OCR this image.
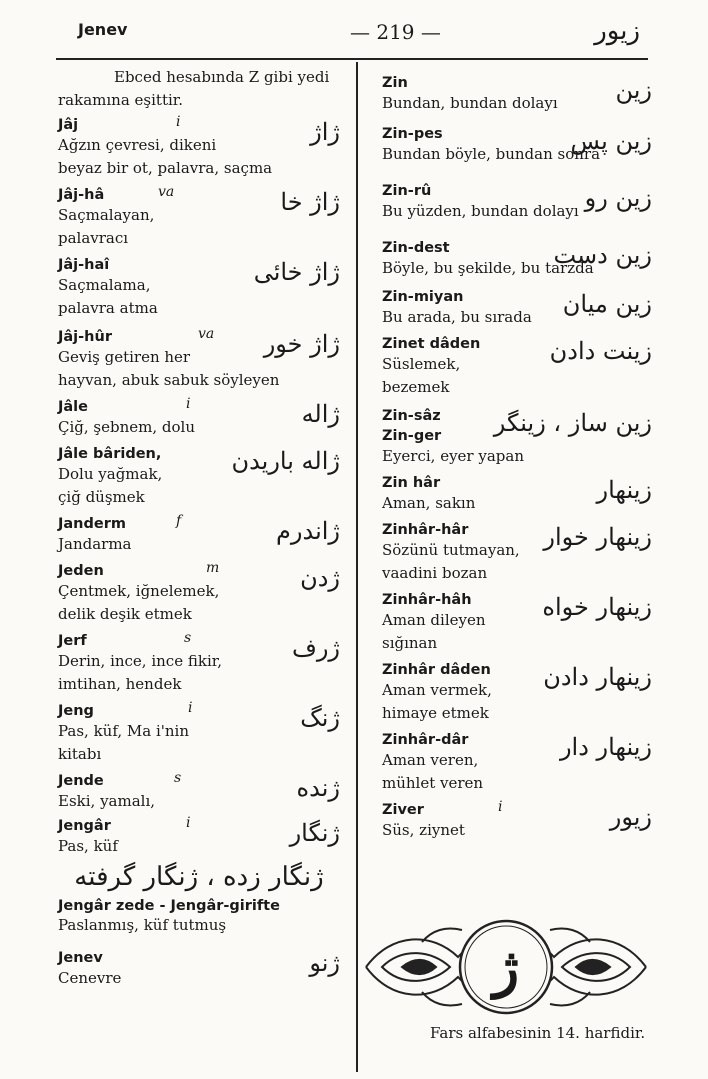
Jenev	— 219 —	زيور
Ebced hesabında Z gibi yedi rakamına eşittir.
Jâj	i	ژاژ
Ağzın çevresi, dikeni
beyaz bir ot, palavra, saçma
Jâj-hâ	va	ژاژ خا
Saçmalayan,
palavracı
Jâj-haî	ژاژ خائى
Saçmalama,
palavra atma
Jâj-hûr	va ژاژ خور
Geviş getiren her
hayvan, abuk sabuk söyleyen
Jâle	i	ژاله
Çiğ, şebnem, dolu
Jâle bâriden,	ژاله باريدن
Dolu yağmak,
çiğ düşmek
Janderm	f	ژاندرم
Jandarma
Jeden	m	ژدن
Çentmek, iğnelemek,
delik deşik etmek
Jerf	s	ژرف
Derin, ince, ince fikir,
imtihan, hendek
Jeng	i	ژنگ
Pas, küf, Ma i'nin
kitabı
Jende	s	ژنده
Eski, yamalı,
Jengâr	i	ژنگار
Pas, küf
ژنگار زده ، ژنگار گرفته
Jengâr zede - Jengâr-girifte
Paslanmış, küf tutmuş
Jenev	ژنو
Cenevre
Zin	زين
Bundan, bundan dolayı
Zin-pes	زين پس
Bundan böyle, bundan sonra
Zin-rû	زين رو
Bu yüzden, bundan dolayı
Zin-dest	زين دست
Böyle, bu şekilde, bu tarzda
Zin-miyan	زين ميان
Bu arada, bu sırada
Zinet dâden	زينت دادن
Süslemek,
bezemek
Zin-sâz زين ساز ، زينگر
Zin-ger
Eyerci, eyer yapan
Zin hâr	زينهار
Aman, sakın
Zinhâr-hâr	زينهار خوار
Sözünü tutmayan,
vaadini bozan
Zinhâr-hâh	زينهار خواه
Aman dileyen
sığınan
Zinhâr dâden زينهار دادن
Aman vermek,
himaye etmek
Zinhâr-dâr	زينهار دار
Aman veren,
mühlet veren
Ziver	i	زيور
Süs, ziynet
ژ
Fars alfabesinin 14. harfidir.
